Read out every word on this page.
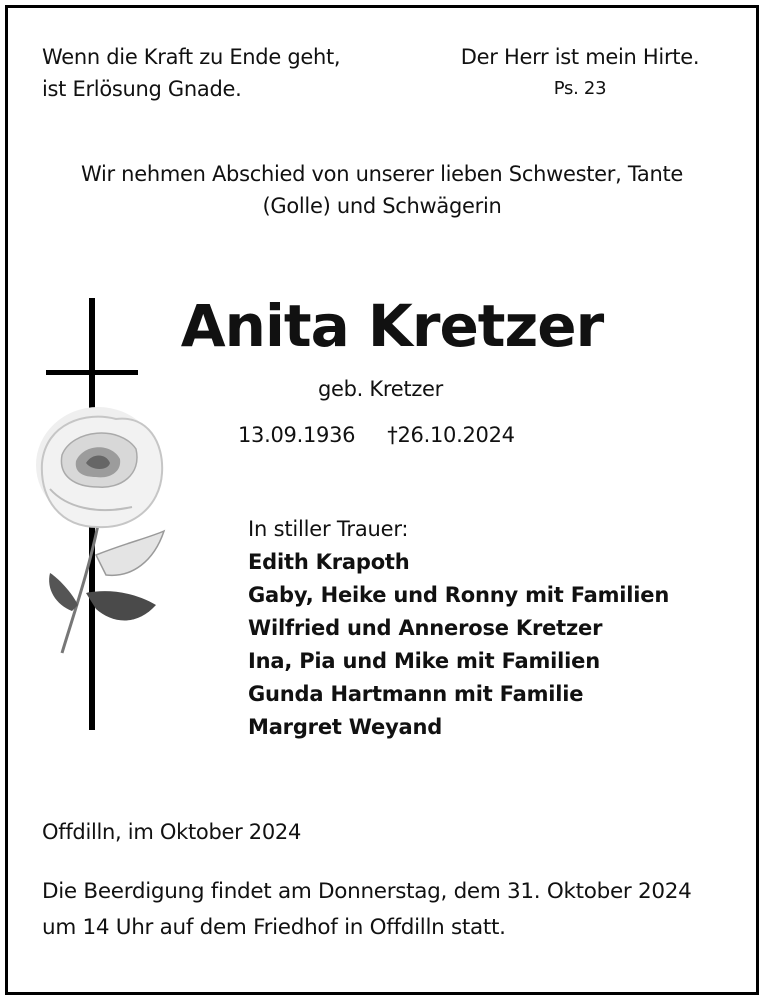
Wenn die Kraft zu Ende geht,
ist Erlösung Gnade.
Der Herr ist mein Hirte.
Ps. 23
Wir nehmen Abschied von unserer lieben Schwester, Tante
(Golle) und Schwägerin
Anita Kretzer
geb. Kretzer
13.09.1936 †26.10.2024
In stiller Trauer:
Edith Krapoth
Gaby, Heike und Ronny mit Familien
Wilfried und Annerose Kretzer
Ina, Pia und Mike mit Familien
Gunda Hartmann mit Familie
Margret Weyand
Offdilln, im Oktober 2024
Die Beerdigung findet am Donnerstag, dem 31. Oktober 2024
um 14 Uhr auf dem Friedhof in Offdilln statt.
